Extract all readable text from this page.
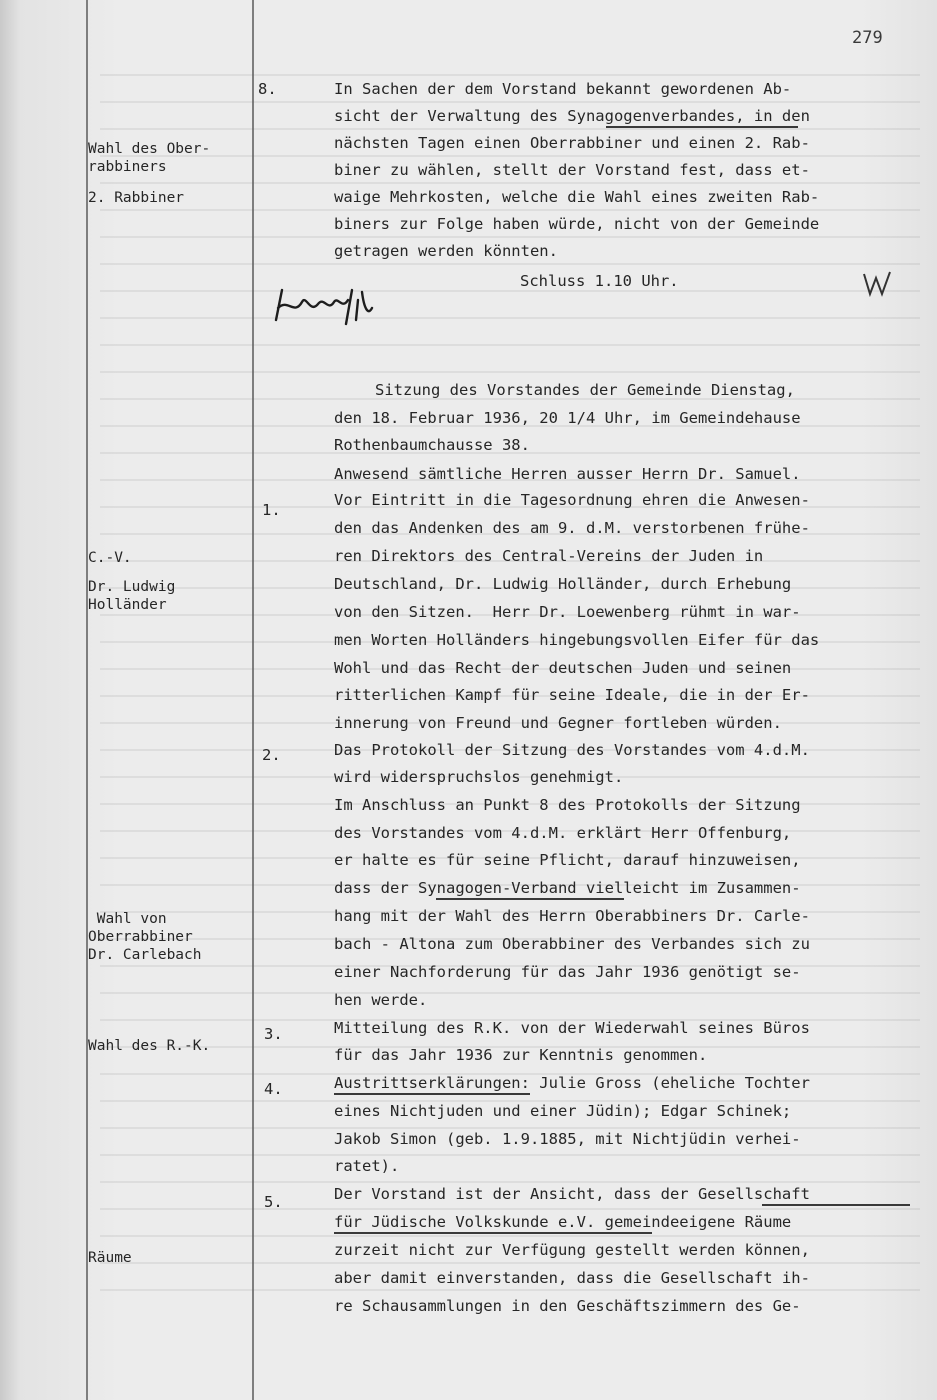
279
8.
1.
2.
3.
4.
5.
Wahl des Ober-
rabbiners
2. Rabbiner
C.-V.
Dr. Ludwig
Holländer
Wahl von
Oberrabbiner
Dr. Carlebach
Wahl des R.-K.
Räume
In Sachen der dem Vorstand bekannt gewordenen Ab-
sicht der Verwaltung des Synagogenverbandes, in den
nächsten Tagen einen Oberrabbiner und einen 2. Rab-
biner zu wählen, stellt der Vorstand fest, dass et-
waige Mehrkosten, welche die Wahl eines zweiten Rab-
biners zur Folge haben würde, nicht von der Gemeinde
getragen werden könnten.
Schluss 1.10 Uhr.
Sitzung des Vorstandes der Gemeinde Dienstag,
den 18. Februar 1936, 20 1/4 Uhr, im Gemeindehause
Rothenbaumchausse 38.
Anwesend sämtliche Herren ausser Herrn Dr. Samuel.
Vor Eintritt in die Tagesordnung ehren die Anwesen-
den das Andenken des am 9. d.M. verstorbenen frühe-
ren Direktors des Central-Vereins der Juden in
Deutschland, Dr. Ludwig Holländer, durch Erhebung
von den Sitzen.  Herr Dr. Loewenberg rühmt in war-
men Worten Holländers hingebungsvollen Eifer für das
Wohl und das Recht der deutschen Juden und seinen
ritterlichen Kampf für seine Ideale, die in der Er-
innerung von Freund und Gegner fortleben würden.
Das Protokoll der Sitzung des Vorstandes vom 4.d.M.
wird widerspruchslos genehmigt.
Im Anschluss an Punkt 8 des Protokolls der Sitzung
des Vorstandes vom 4.d.M. erklärt Herr Offenburg,
er halte es für seine Pflicht, darauf hinzuweisen,
dass der Synagogen-Verband vielleicht im Zusammen-
hang mit der Wahl des Herrn Oberabbiners Dr. Carle-
bach - Altona zum Oberabbiner des Verbandes sich zu
einer Nachforderung für das Jahr 1936 genötigt se-
hen werde.
Mitteilung des R.K. von der Wiederwahl seines Büros
für das Jahr 1936 zur Kenntnis genommen.
Austrittserklärungen: Julie Gross (eheliche Tochter
eines Nichtjuden und einer Jüdin); Edgar Schinek;
Jakob Simon (geb. 1.9.1885, mit Nichtjüdin verhei-
ratet).
Der Vorstand ist der Ansicht, dass der Gesellschaft
für Jüdische Volkskunde e.V. gemeindeeigene Räume
zurzeit nicht zur Verfügung gestellt werden können,
aber damit einverstanden, dass die Gesellschaft ih-
re Schausammlungen in den Geschäftszimmern des Ge-
